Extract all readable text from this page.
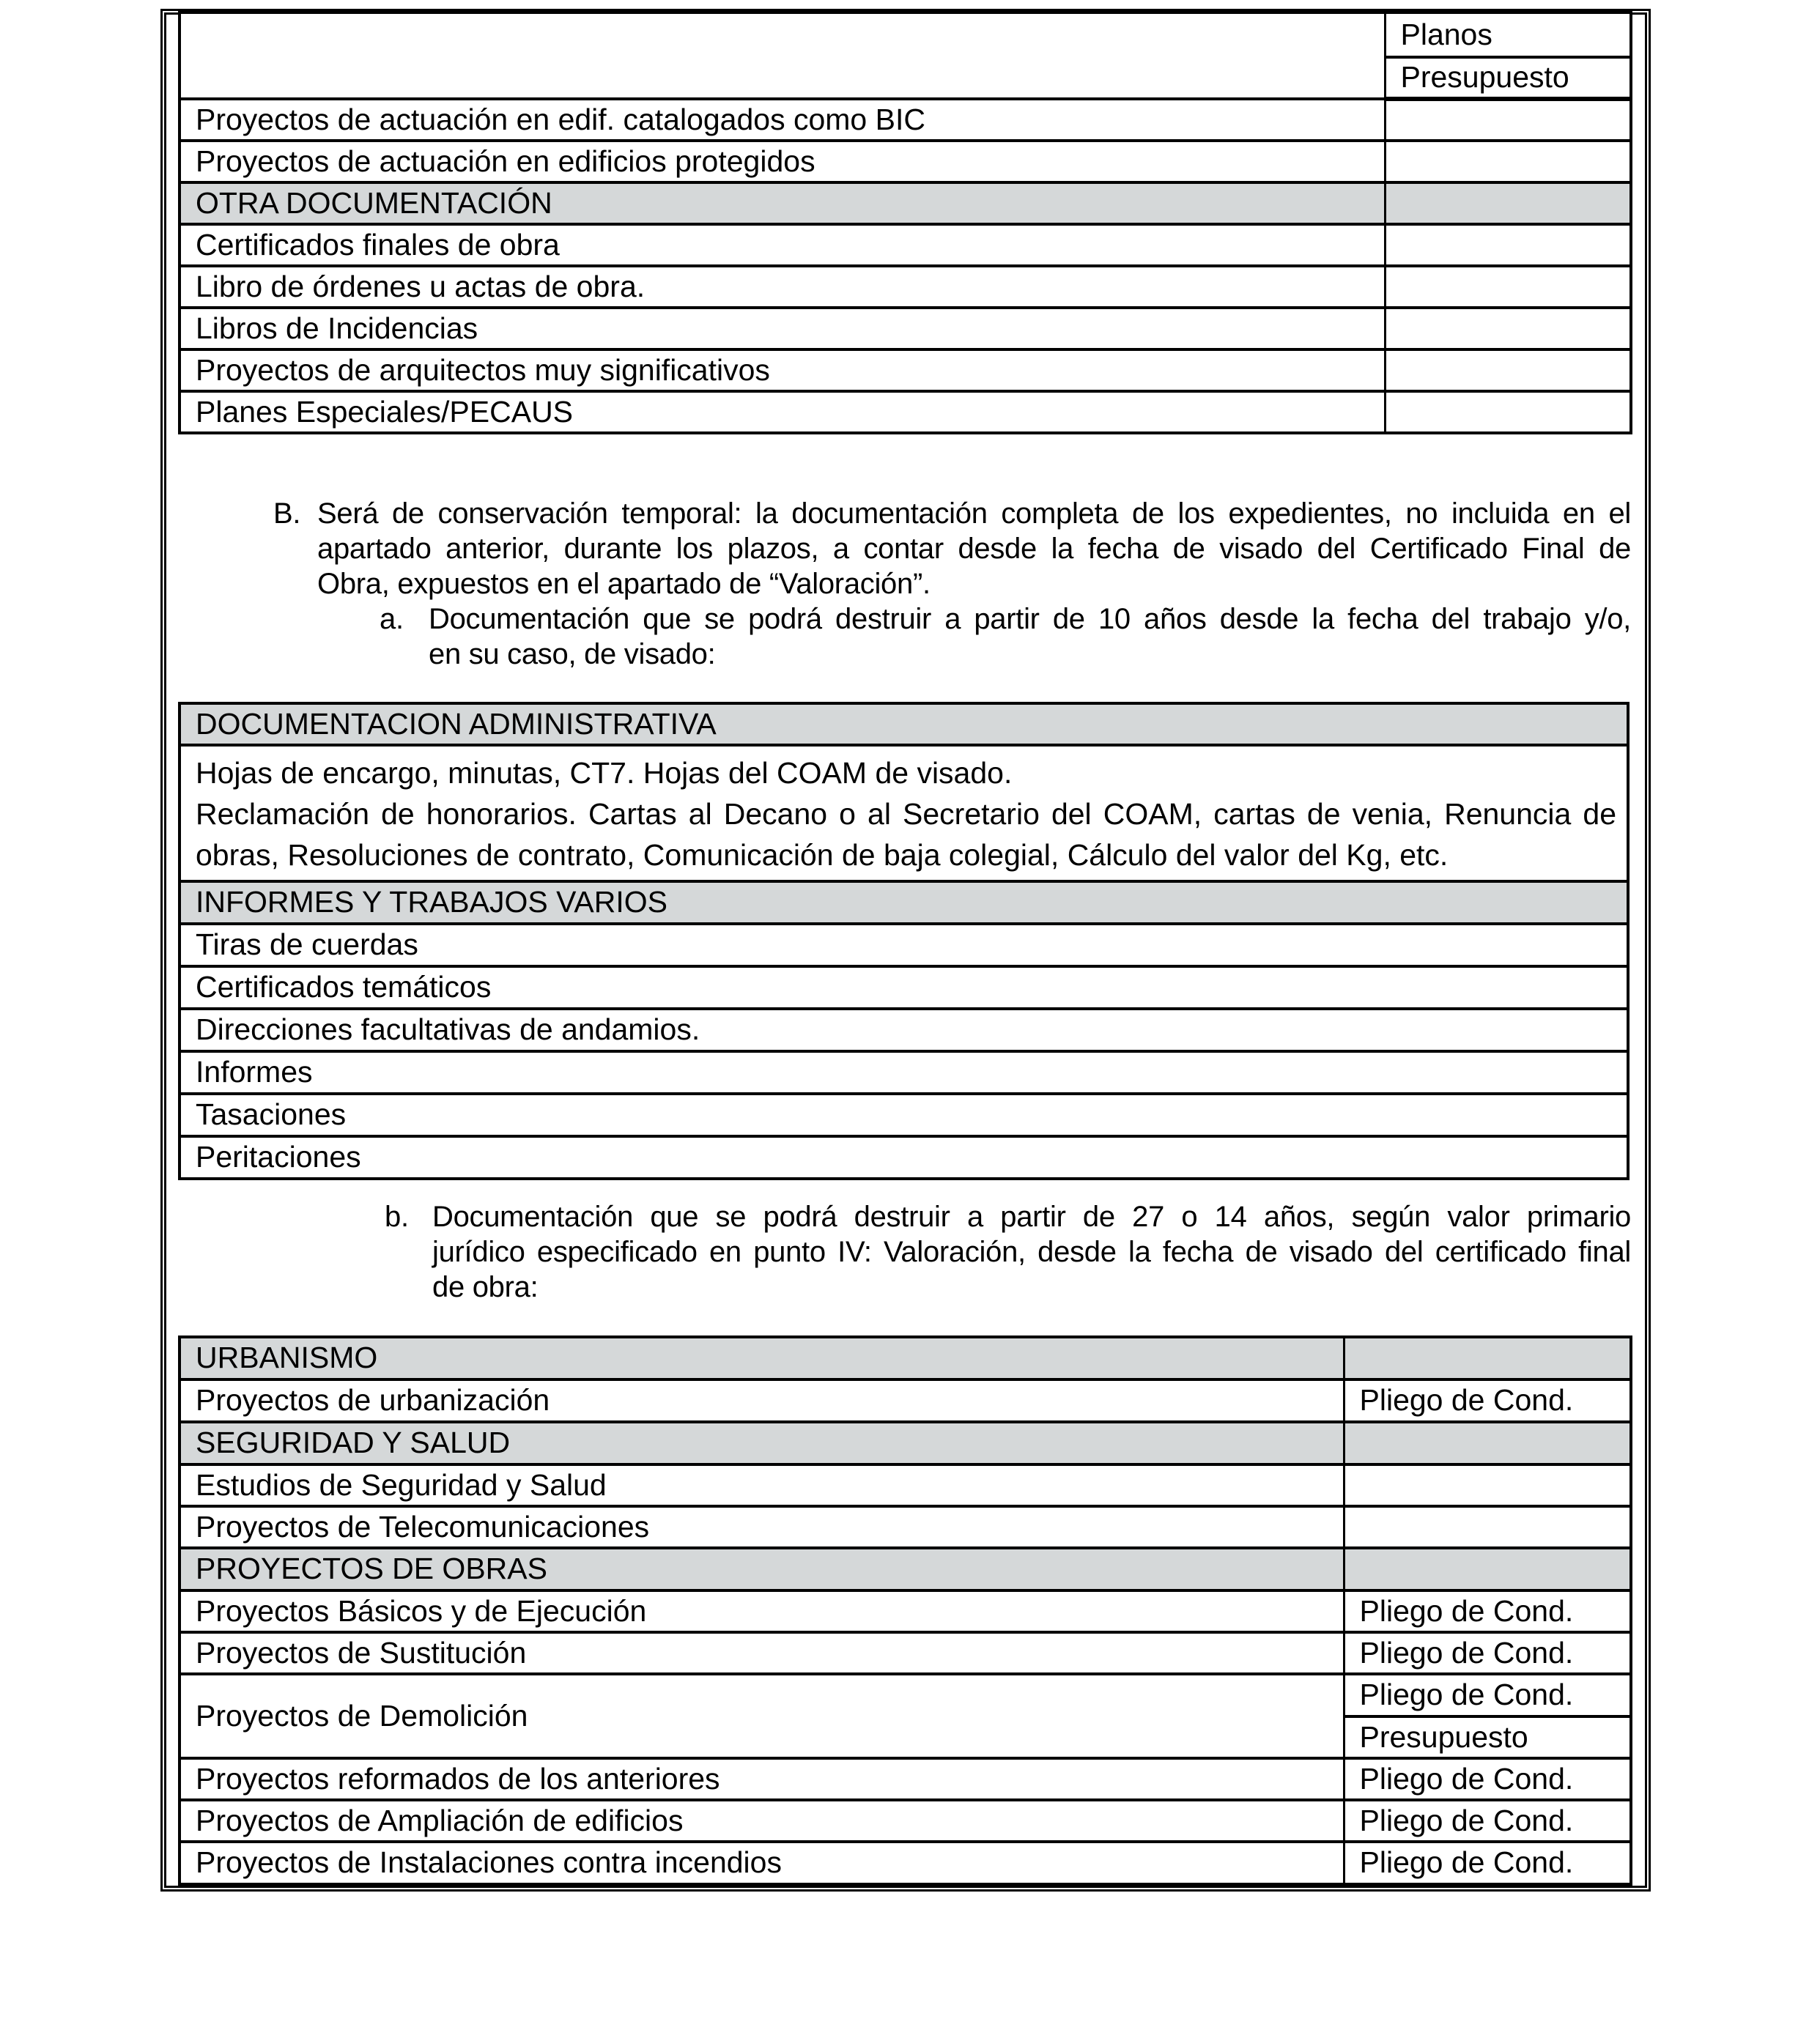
	Planos
	Presupuesto
Proyectos de actuación en edif. catalogados como BIC	
Proyectos de actuación en edificios protegidos	
OTRA DOCUMENTACIÓN	
Certificados finales de obra	
Libro de órdenes u actas de obra.	
Libros de Incidencias	
Proyectos de arquitectos muy significativos	
Planes Especiales/PECAUS	
B. Será de conservación temporal: la documentación completa de los expedientes, no incluida en el
apartado anterior, durante los plazos, a contar desde la fecha de visado del Certificado Final de
Obra, expuestos en el apartado de “Valoración”.
a. Documentación que se podrá destruir a partir de 10 años desde la fecha del trabajo y/o,
en su caso, de visado:
DOCUMENTACION ADMINISTRATIVA

Hojas de encargo, minutas, CT7. Hojas del COAM de visado.
Reclamación de honorarios. Cartas al Decano o al Secretario del COAM, cartas de venia, Renuncia de
obras, Resoluciones de contrato, Comunicación de baja colegial, Cálculo del valor del Kg, etc.

INFORMES Y TRABAJOS VARIOS
Tiras de cuerdas
Certificados temáticos
Direcciones facultativas de andamios.
Informes
Tasaciones
Peritaciones
b. Documentación que se podrá destruir a partir de 27 o 14 años, según valor primario
jurídico especificado en punto IV: Valoración, desde la fecha de visado del certificado final
de obra:
URBANISMO	
Proyectos de urbanización	Pliego de Cond.
SEGURIDAD Y SALUD	
Estudios de Seguridad y Salud	
Proyectos de Telecomunicaciones	
PROYECTOS DE OBRAS	
Proyectos Básicos y de Ejecución	Pliego de Cond.
Proyectos de Sustitución	Pliego de Cond.
Proyectos de Demolición	Pliego de Cond.
	Presupuesto
Proyectos reformados de los anteriores	Pliego de Cond.
Proyectos de Ampliación de edificios	Pliego de Cond.
Proyectos de Instalaciones contra incendios	Pliego de Cond.
